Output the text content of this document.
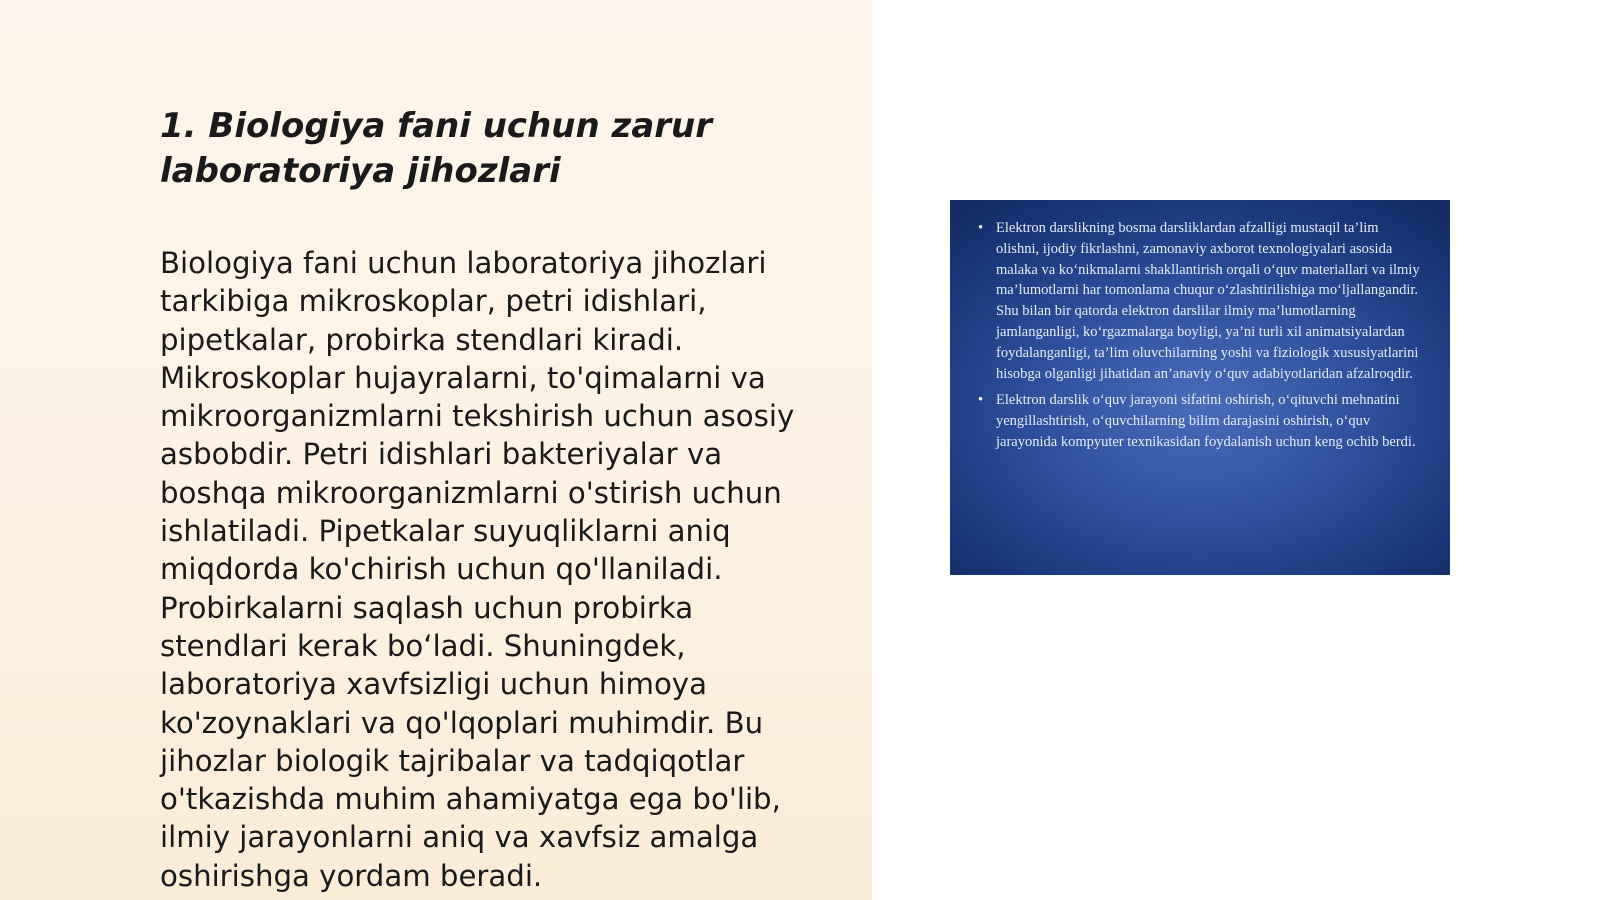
1. Biologiya fani uchun zarur laboratoriya jihozlari

Biologiya fani uchun laboratoriya jihozlari tarkibiga mikroskoplar, petri idishlari, pipetkalar, probirka stendlari kiradi. Mikroskoplar hujayralarni, to'qimalarni va mikroorganizmlarni tekshirish uchun asosiy asbobdir. Petri idishlari bakteriyalar va boshqa mikroorganizmlarni o'stirish uchun ishlatiladi. Pipetkalar suyuqliklarni aniq miqdorda ko'chirish uchun qo'llaniladi. Probirkalarni saqlash uchun probirka stendlari kerak bo‘ladi. Shuningdek, laboratoriya xavfsizligi uchun himoya ko'zoynaklari va qo'lqoplari muhimdir. Bu jihozlar biologik tajribalar va tadqiqotlar o'tkazishda muhim ahamiyatga ega bo'lib, ilmiy jarayonlarni aniq va xavfsiz amalga oshirishga yordam beradi.

• Elektron darslikning bosma darsliklardan afzalligi mustaqil ta’lim olishni, ijodiy fikrlashni, zamonaviy axborot texnologiyalari asosida malaka va ko‘nikmalarni shakllantirish orqali o‘quv materiallari va ilmiy ma’lumotlarni har tomonlama chuqur o‘zlashtirilishiga mo‘ljallangandir. Shu bilan bir qatorda elektron darslilar ilmiy ma’lumotlarning jamlanganligi, ko‘rgazmalarga boyligi, ya’ni turli xil animatsiyalardan foydalanganligi, ta’lim oluvchilarning yoshi va fiziologik xususiyatlarini hisobga olganligi jihatidan an’anaviy o‘quv adabiyotlaridan afzalroqdir.
• Elektron darslik o‘quv jarayoni sifatini oshirish, o‘qituvchi mehnatini yengillashtirish, o‘quvchilarning bilim darajasini oshirish, o‘quv jarayonida kompyuter texnikasidan foydalanish uchun keng ochib berdi.
